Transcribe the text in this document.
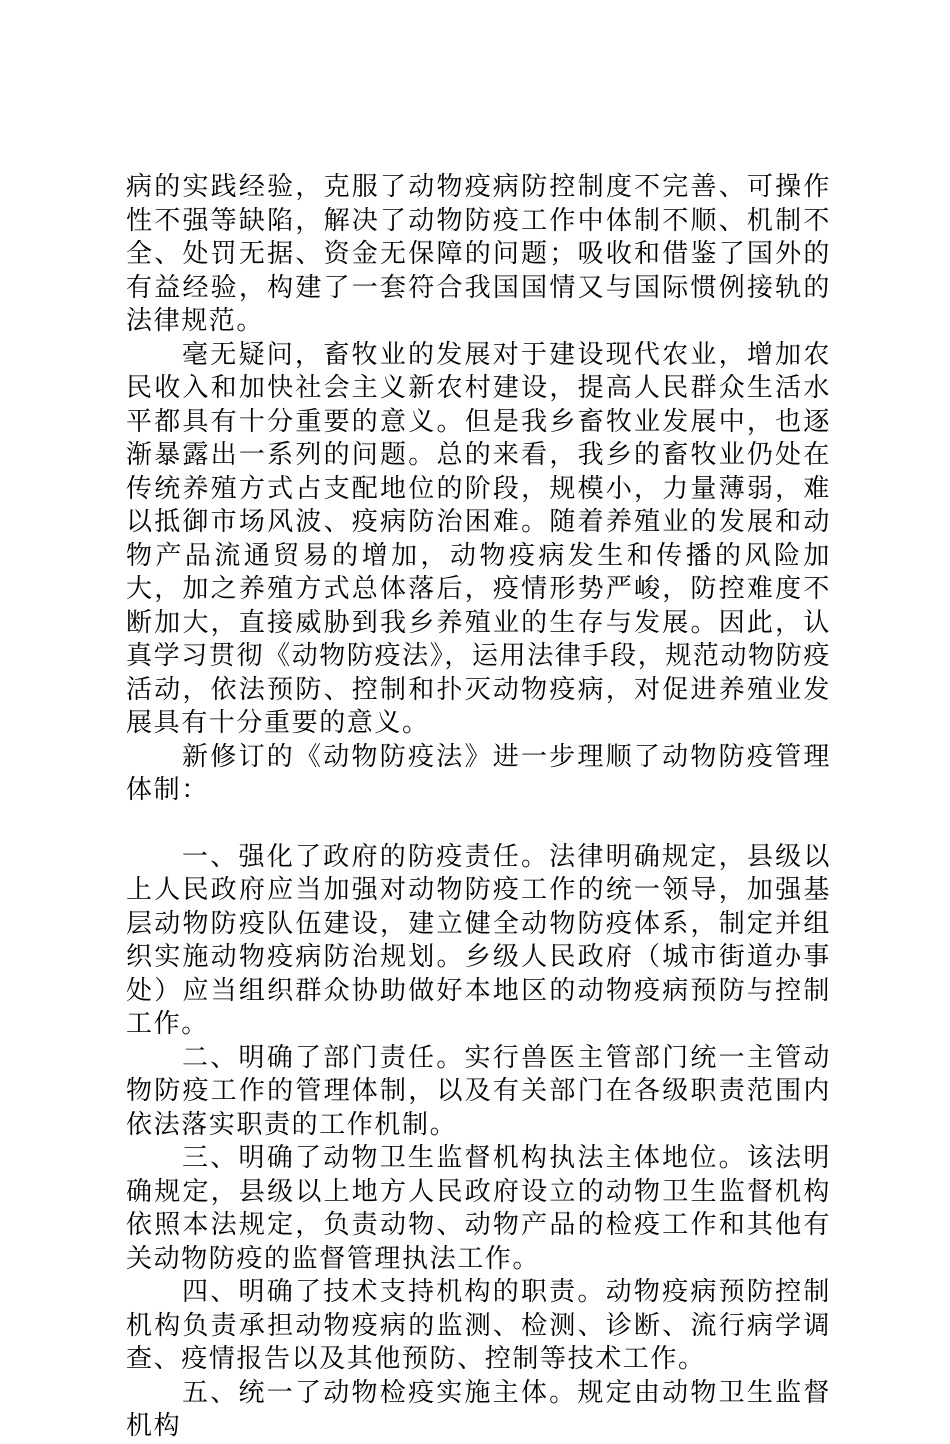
病的实践经验，克服了动物疫病防控制度不完善、可操作性不强等缺陷，解决了动物防疫工作中体制不顺、机制不全、处罚无据、资金无保障的问题；吸收和借鉴了国外的有益经验，构建了一套符合我国国情又与国际惯例接轨的法律规范。

毫无疑问，畜牧业的发展对于建设现代农业，增加农民收入和加快社会主义新农村建设，提高人民群众生活水平都具有十分重要的意义。但是我乡畜牧业发展中，也逐渐暴露出一系列的问题。总的来看，我乡的畜牧业仍处在传统养殖方式占支配地位的阶段，规模小，力量薄弱，难以抵御市场风波、疫病防治困难。随着养殖业的发展和动物产品流通贸易的增加，动物疫病发生和传播的风险加大，加之养殖方式总体落后，疫情形势严峻，防控难度不断加大，直接威胁到我乡养殖业的生存与发展。因此，认真学习贯彻《动物防疫法》，运用法律手段，规范动物防疫活动，依法预防、控制和扑灭动物疫病，对促进养殖业发展具有十分重要的意义。

新修订的《动物防疫法》进一步理顺了动物防疫管理体制：

一、强化了政府的防疫责任。法律明确规定，县级以上人民政府应当加强对动物防疫工作的统一领导，加强基层动物防疫队伍建设，建立健全动物防疫体系，制定并组织实施动物疫病防治规划。乡级人民政府（城市街道办事处）应当组织群众协助做好本地区的动物疫病预防与控制工作。

二、明确了部门责任。实行兽医主管部门统一主管动物防疫工作的管理体制，以及有关部门在各级职责范围内依法落实职责的工作机制。

三、明确了动物卫生监督机构执法主体地位。该法明确规定，县级以上地方人民政府设立的动物卫生监督机构依照本法规定，负责动物、动物产品的检疫工作和其他有关动物防疫的监督管理执法工作。

四、明确了技术支持机构的职责。动物疫病预防控制机构负责承担动物疫病的监测、检测、诊断、流行病学调查、疫情报告以及其他预防、控制等技术工作。

五、统一了动物检疫实施主体。规定由动物卫生监督机构
